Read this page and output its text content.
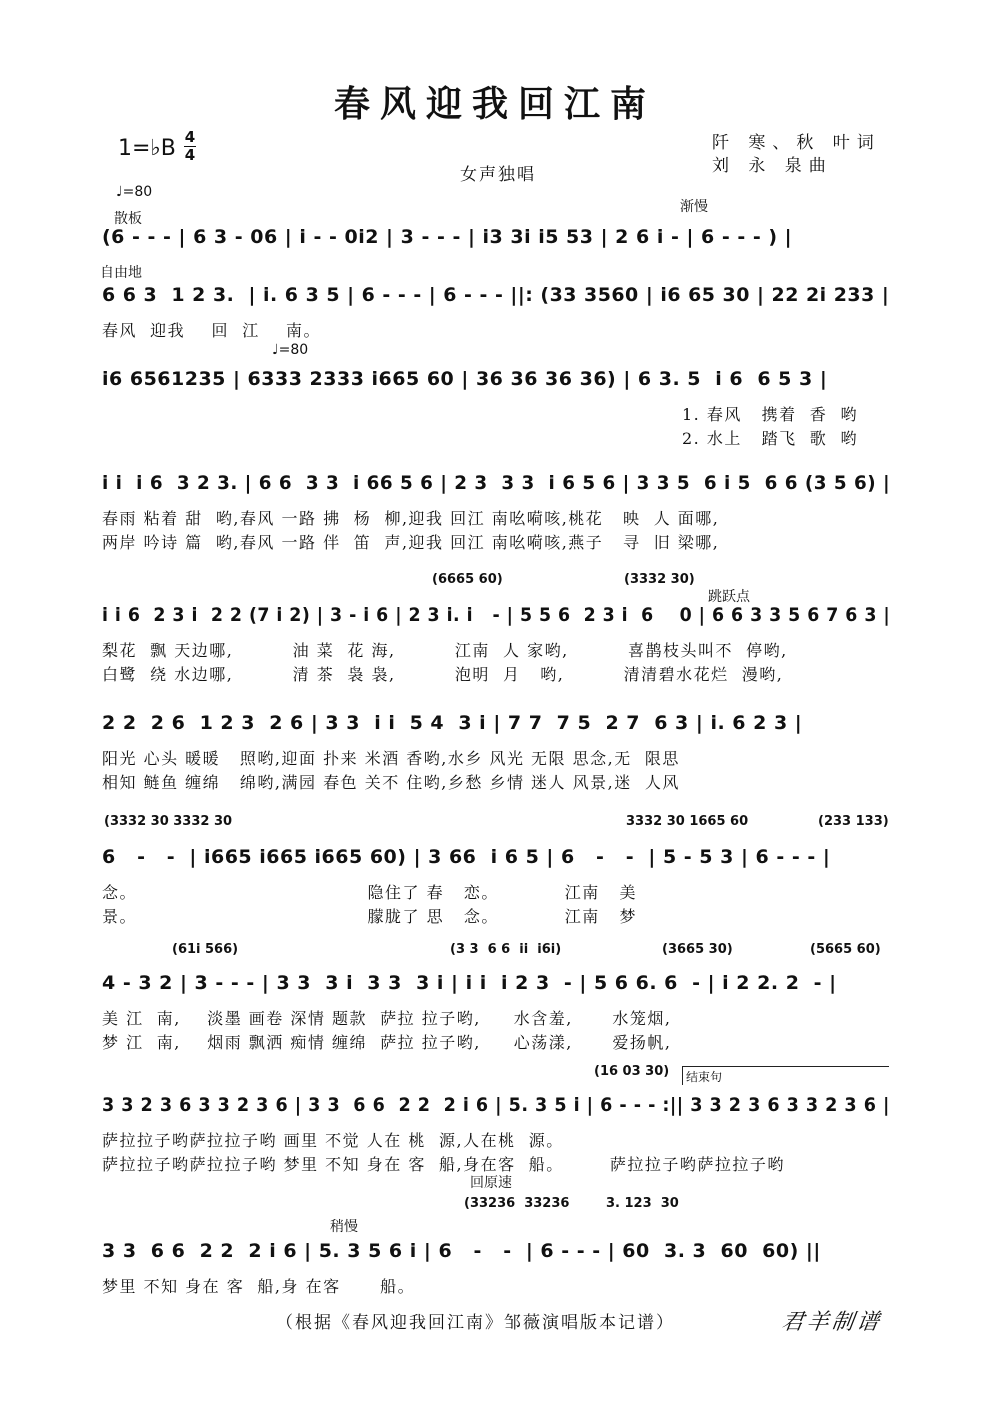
春风迎我回江南
1=♭B 4
4
阡 寒、秋 叶词
刘 永 泉曲
女声独唱
♩=80
散板
渐慢
(6 - - - | 6 3 - 06 | i - - 0i2 | 3 - - - | i3 3i i5 53 | 2 6 i - | 6 - - - ) |
自由地
6 6 3  1 2 3.  | i. 6 3 5 | 6 - - - | 6 - - - ||: (33 3560 | i6 65 30 | 22 2i 233 |
春风  迎我    回  江    南。
♩=80
i6 6561235 | 6333 2333 i665 60 | 36 36 36 36) | 6 3. 5  i 6  6 5 3 |
1. 春风   携着  香  哟
2. 水上   踏飞  歌  哟
i i  i 6  3 2 3. | 6 6  3 3  i 66 5 6 | 2 3  3 3  i 6 5 6 | 3 3 5  6 i 5  6 6 (3 5 6) |
春雨 粘着 甜  哟,春风 一路 拂  杨  柳,迎我 回江 南吆嗬咳,桃花   映  人 面哪,
两岸 吟诗 篇  哟,春风 一路 伴  笛  声,迎我 回江 南吆嗬咳,燕子   寻  旧 梁哪,
(6665 60)	(3332 30)
跳跃点
i i 6  2 3 i  2 2 (7 i 2) | 3 - i 6 | 2 3 i. i   - | 5 5 6  2 3 i  6    0 | 6 6 3 3 5 6 7 6 3 |
梨花  飘 天边哪,         油 菜  花 海,         江南  人 家哟,         喜鹊枝头叫不  停哟,
白鹭  绕 水边哪,         清 茶  袅 袅,         泡明  月   哟,         清清碧水花烂  漫哟,
2 2  2 6  1 2 3  2 6 | 3 3  i i  5 4  3 i | 7 7  7 5  2 7  6 3 | i. 6 2 3 |
阳光 心头 暖暖   照哟,迎面 扑来 米酒 香哟,水乡 风光 无限 思念,无  限思
相知 鲢鱼 缠绵   绵哟,满园 春色 关不 住哟,乡愁 乡情 迷人 风景,迷  人风
(3332 30 3332 30	3332 30 1665 60	(233 133)
6   -   -  | i665 i665 i665 60) | 3 66  i 6 5 | 6   -   -  | 5 - 5 3 | 6 - - - |
念。                                   隐住了 春   恋。          江南   美
景。                                   朦胧了 思   念。          江南   梦
(61i 566)	(3 3  6 6  ii  i6i)	(3665 30)	(5665 60)
4 - 3 2 | 3 - - - | 3 3  3 i  3 3  3 i | i i  i 2 3  - | 5 6 6. 6  - | i 2 2. 2  - |
美 江  南,    淡墨 画卷 深情 题款  萨拉 拉子哟,     水含羞,      水笼烟,
梦 江  南,    烟雨 飘洒 痴情 缠绵  萨拉 拉子哟,     心荡漾,      爱扬帆,
(16 03 30) 结束句
3 3 2 3 6 3 3 2 3 6 | 3 3  6 6  2 2  2 i 6 | 5. 3 5 i | 6 - - - :|| 3 3 2 3 6 3 3 2 3 6 |
萨拉拉子哟萨拉拉子哟 画里 不觉 人在 桃  源,人在桃  源。
萨拉拉子哟萨拉拉子哟 梦里 不知 身在 客  船,身在客  船。       萨拉拉子哟萨拉拉子哟
回原速
(33236  33236	3. 123  30
稍慢
3 3  6 6  2 2  2 i 6 | 5. 3 5 6 i | 6   -   -  | 6 - - - | 60  3. 3  60  60) ||
梦里 不知 身在 客  船,身 在客      船。
（根据《春风迎我回江南》邹薇演唱版本记谱）	君羊制谱
